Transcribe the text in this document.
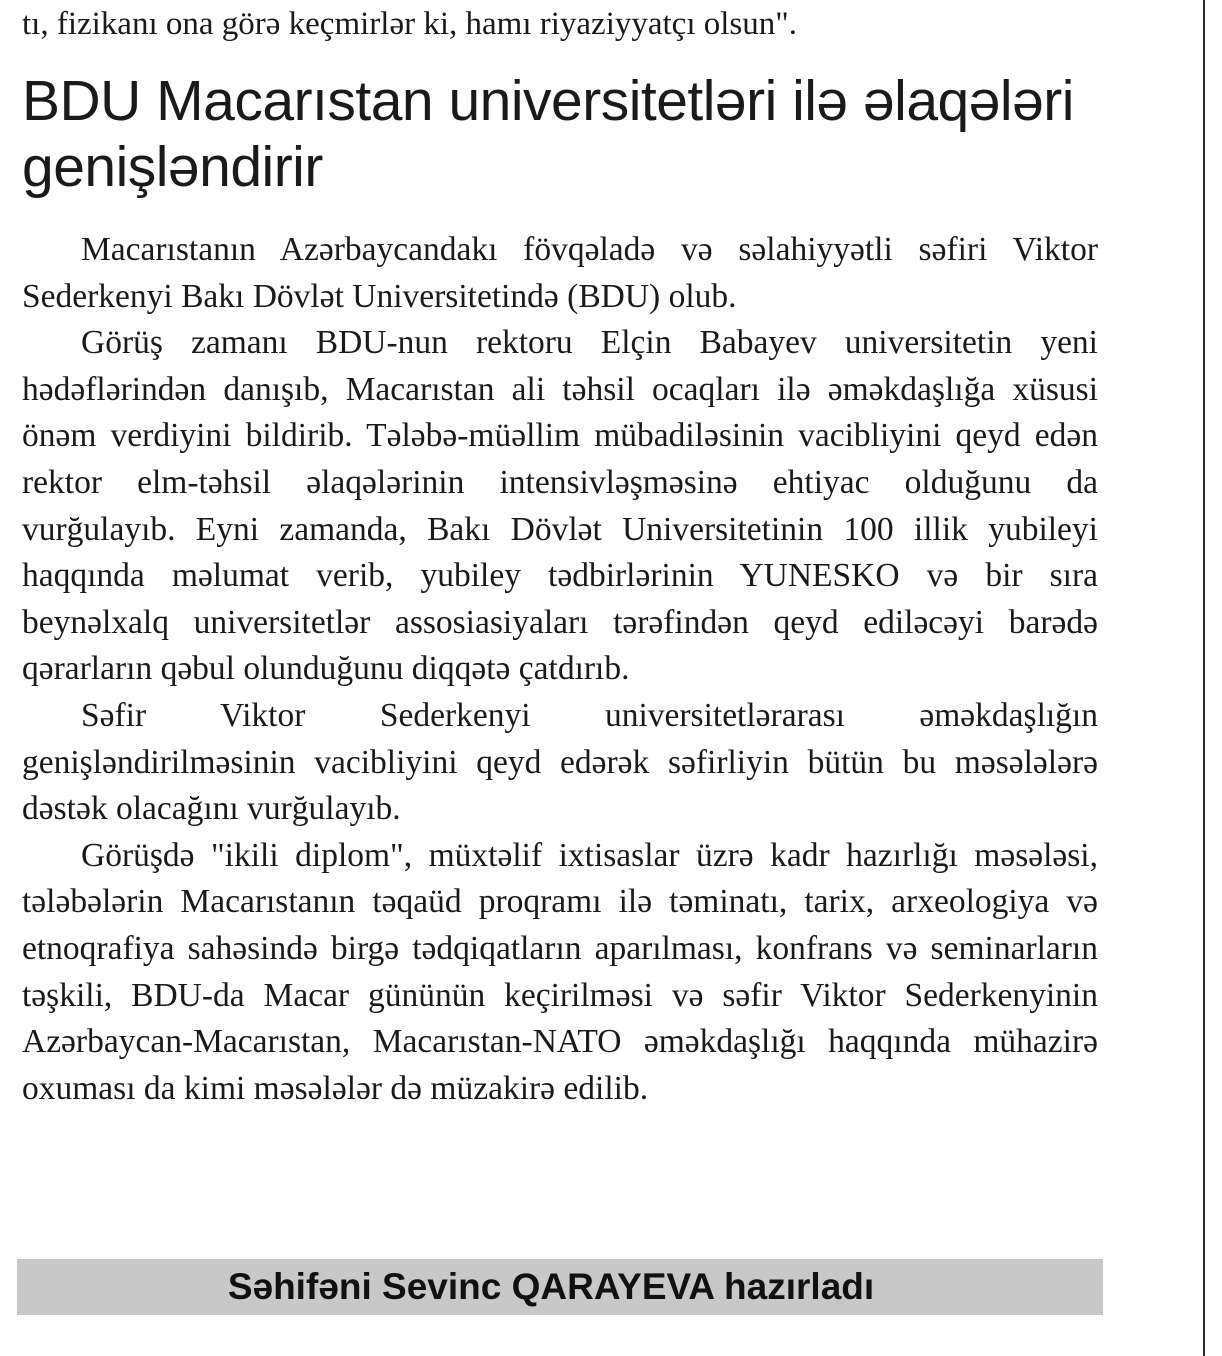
tı, fizikanı ona görə keçmirlər ki, hamı riyaziyyatçı olsun".

BDU Macarıstan universitetləri ilə əlaqələri genişləndirir

Macarıstanın Azərbaycandakı fövqəladə və səlahiyyətli səfiri Viktor Sederkenyi Bakı Dövlət Universitetində (BDU) olub.

Görüş zamanı BDU-nun rektoru Elçin Babayev universitetin yeni hədəflərindən danışıb, Macarıstan ali təhsil ocaqları ilə əməkdaşlığa xüsusi önəm verdiyini bildirib. Tələbə-müəllim mübadiləsinin vacibliyini qeyd edən rektor elm-təhsil əlaqələrinin intensivləşməsinə ehtiyac olduğunu da vurğulayıb. Eyni zamanda, Bakı Dövlət Universitetinin 100 illik yubileyi haqqında məlumat verib, yubiley tədbirlərinin YUNESKO və bir sıra beynəlxalq universitetlər assosiasiyaları tərəfindən qeyd ediləcəyi barədə qərarların qəbul olunduğunu diqqətə çatdırıb.

Səfir Viktor Sederkenyi universitetlərarası əməkdaşlığın genişləndirilməsinin vacibliyini qeyd edərək səfirliyin bütün bu məsələlərə dəstək olacağını vurğulayıb.

Görüşdə "ikili diplom", müxtəlif ixtisaslar üzrə kadr hazırlığı məsələsi, tələbələrin Macarıstanın təqaüd proqramı ilə təminatı, tarix, arxeologiya və etnoqrafiya sahəsində birgə tədqiqatların aparılması, konfrans və seminarların təşkili, BDU-da Macar gününün keçirilməsi və səfir Viktor Sederkenyinin Azərbaycan-Macarıstan, Macarıstan-NATO əməkdaşlığı haqqında mühazirə oxuması da kimi məsələlər də müzakirə edilib.

Səhifəni Sevinc QARAYEVA hazırladı
